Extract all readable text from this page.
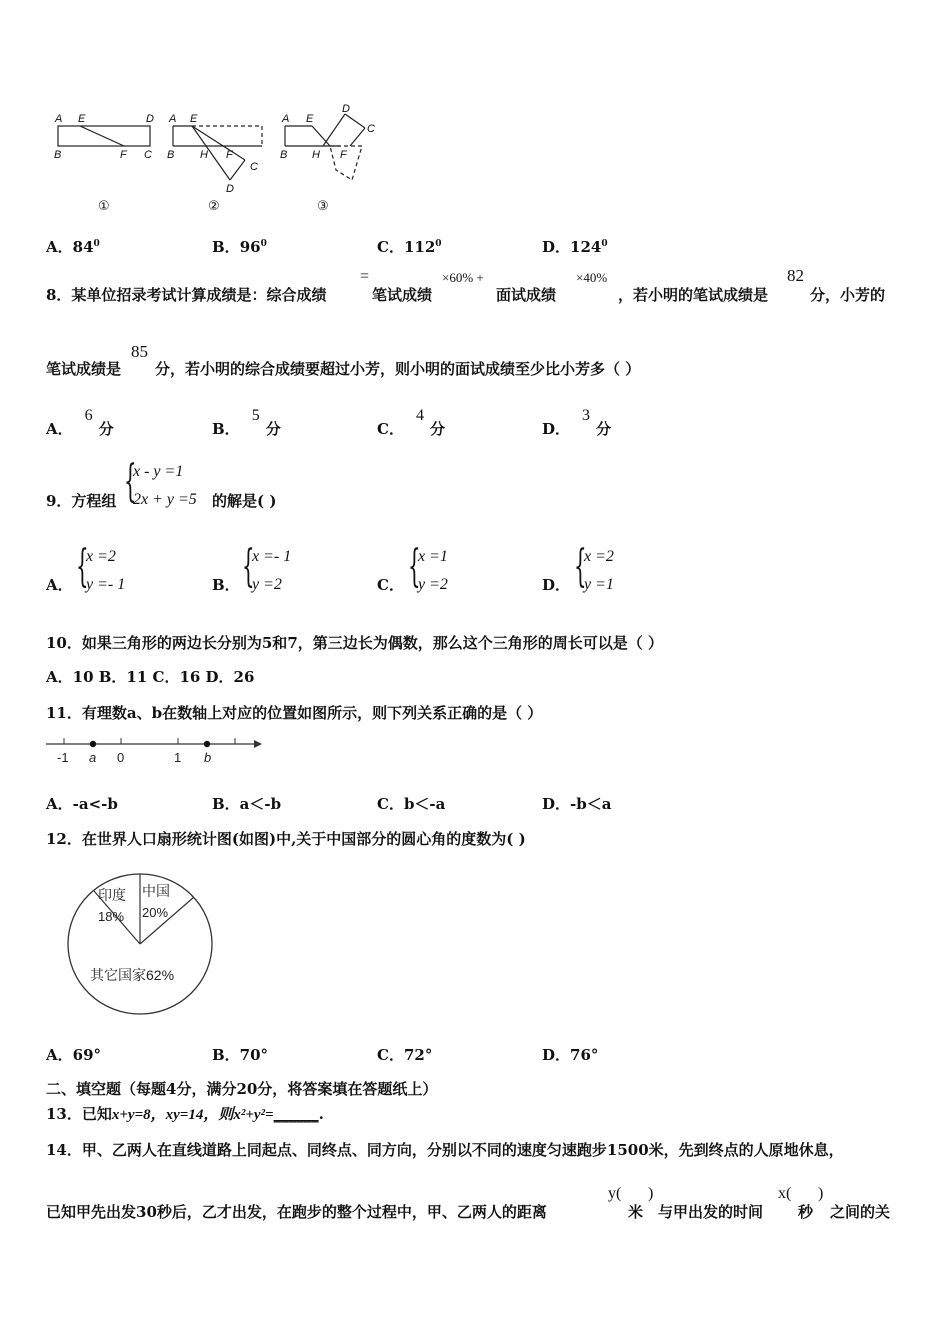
A E	D
B	F C
A E
B H F
C
D
A E
B H F
D
C
①	②	③
A．$84^0$	B．$96^0$	C．$112^0$	D．$124^0$
8．某单位招录考试计算成绩是：综合成绩
=
笔试成绩
×60% +
面试成绩
×40%
，若小明的笔试成绩是
82
分，小芳的
笔试成绩是
85
分，若小明的综合成绩要超过小芳，则小明的面试成绩至少比小芳多（ ）
A．6分	B．5分	C．4分	D．3分
9．方程组 {
x - y =1
2x + y =5 的解是( )
A． {
x =2
y =- 1	B． {
x =- 1
y =2	C． {
x =1
y =2	D． {
x =2
y =1
10．如果三角形的两边长分别为5和7，第三边长为偶数，那么这个三角形的周长可以是（ ）
A．10 B．11 C．16 D．26
11．有理数a、b在数轴上对应的位置如图所示，则下列关系正确的是（ ）
-1 a 0	1 b
A．-a<-b	B．a＜-b	C．b＜-a	D．-b＜a
12．在世界人口扇形统计图(如图)中,关于中国部分的圆心角的度数为( )
印度
18%
中国
20%
其它国家62%
A．69°	B．70°	C．72°	D．76°
二、填空题（每题4分，满分20分，将答案填在答题纸上）
13．已知x+y=8，xy=14，则x²+y²=______.
14．甲、乙两人在直线道路上同起点、同终点、同方向，分别以不同的速度匀速跑步1500米，先到终点的人原地休息，
已知甲先出发30秒后，乙才出发，在跑步的整个过程中，甲、乙两人的距离
y(
米
)
与甲出发的时间
x(
秒
)
之间的关
